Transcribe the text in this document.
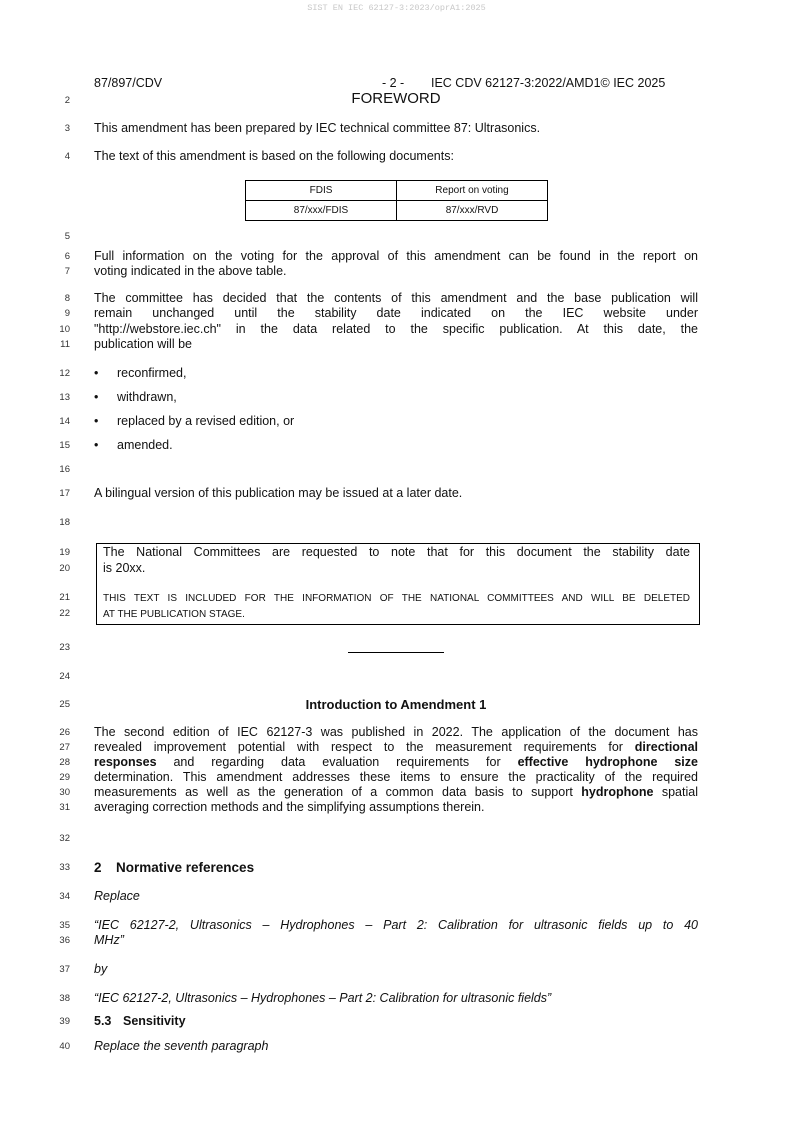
SIST EN IEC 62127-3:2023/oprA1:2025
87/897/CDV	- 2 - IEC CDV 62127-3:2022/AMD1© IEC 2025
2
3
4
5
6
7
8
9
10
11
12
13
14
15
16
17
18
19
20
21
22
23
24
25
26
27
28
29
30
31
32
33
34
35
36
37
38
39
40
FOREWORD
This amendment has been prepared by IEC technical committee 87: Ultrasonics.
The text of this amendment is based on the following documents:
FDIS	Report on voting
87/xxx/FDIS	87/xxx/RVD
Full information on the voting for the approval of this amendment can be found in the report on
voting indicated in the above table.
The committee has decided that the contents of this amendment and the base publication will
remain unchanged until the stability date indicated on the IEC website under
"http://webstore.iec.ch" in the data related to the specific publication. At this date, the
publication will be
• reconfirmed,
• withdrawn,
• replaced by a revised edition, or
• amended.
A bilingual version of this publication may be issued at a later date.
The National Committees are requested to note that for this document the stability date
is 20xx.
THIS TEXT IS INCLUDED FOR THE INFORMATION OF THE NATIONAL COMMITTEES AND WILL BE DELETED
AT THE PUBLICATION STAGE.
Introduction to Amendment 1
The second edition of IEC 62127-3 was published in 2022. The application of the document has
revealed improvement potential with respect to the measurement requirements for directional
responses and regarding data evaluation requirements for effective hydrophone size
determination. This amendment addresses these items to ensure the practicality of the required
measurements as well as the generation of a common data basis to support hydrophone spatial
averaging correction methods and the simplifying assumptions therein.
2 Normative references
Replace
“IEC 62127-2, Ultrasonics – Hydrophones – Part 2: Calibration for ultrasonic fields up to 40
MHz”
by
“IEC 62127-2, Ultrasonics – Hydrophones – Part 2: Calibration for ultrasonic fields”
5.3 Sensitivity
Replace the seventh paragraph
